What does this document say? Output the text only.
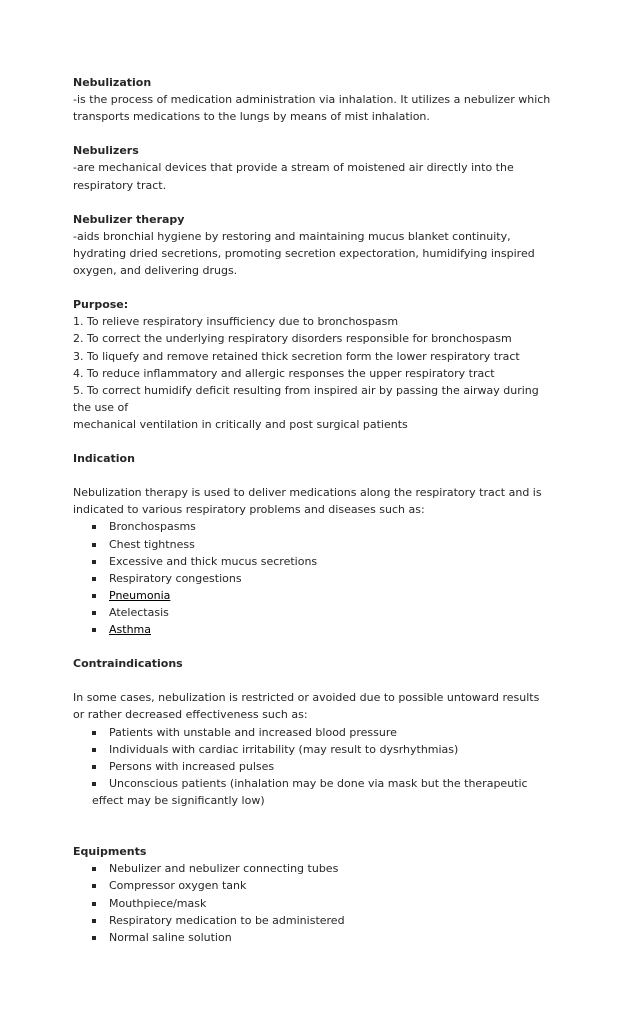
Nebulization
-is the process of medication administration via inhalation. It utilizes a nebulizer which
transports medications to the lungs by means of mist inhalation.
Nebulizers
-are mechanical devices that provide a stream of moistened air directly into the
respiratory tract.
Nebulizer therapy
-aids bronchial hygiene by restoring and maintaining mucus blanket continuity,
hydrating dried secretions, promoting secretion expectoration, humidifying inspired
oxygen, and delivering drugs.
Purpose:
1. To relieve respiratory insufficiency due to bronchospasm
2. To correct the underlying respiratory disorders responsible for bronchospasm
3. To liquefy and remove retained thick secretion form the lower respiratory tract
4. To reduce inflammatory and allergic responses the upper respiratory tract
5. To correct humidify deficit resulting from inspired air by passing the airway during
the use of
mechanical ventilation in critically and post surgical patients
Indication
Nebulization therapy is used to deliver medications along the respiratory tract and is
indicated to various respiratory problems and diseases such as:
Bronchospasms
Chest tightness
Excessive and thick mucus secretions
Respiratory congestions
Pneumonia
Atelectasis
Asthma
Contraindications
In some cases, nebulization is restricted or avoided due to possible untoward results
or rather decreased effectiveness such as:
Patients with unstable and increased blood pressure
Individuals with cardiac irritability (may result to dysrhythmias)
Persons with increased pulses
Unconscious patients (inhalation may be done via mask but the therapeutic
effect may be significantly low)
Equipments
Nebulizer and nebulizer connecting tubes
Compressor oxygen tank
Mouthpiece/mask
Respiratory medication to be administered
Normal saline solution
